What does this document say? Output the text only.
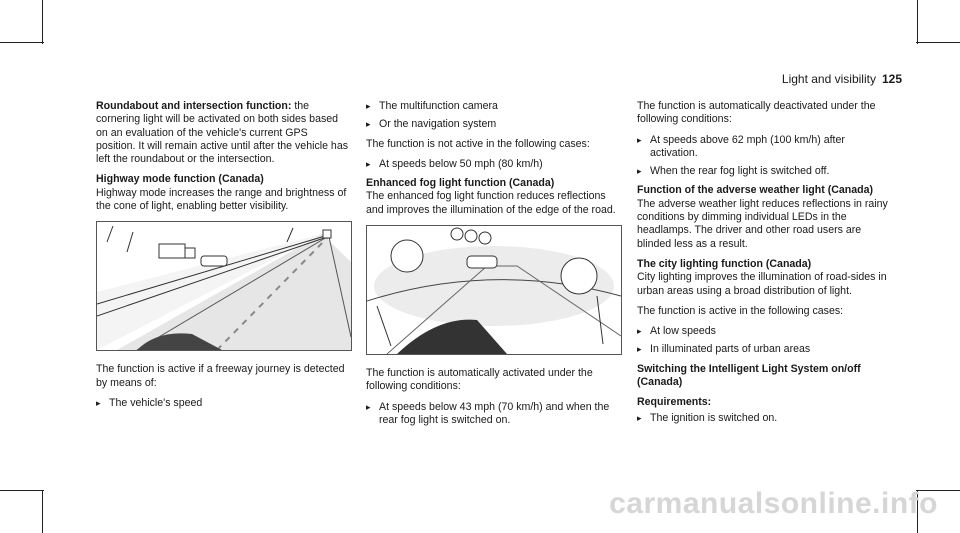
Light and visibility 125

Roundabout and intersection function: the cornering light will be activated on both sides based on an evaluation of the vehicle's current GPS position. It will remain active until after the vehicle has left the roundabout or the intersection.

Highway mode function (Canada)
Highway mode increases the range and brightness of the cone of light, enabling better visibility.

The function is active if a freeway journey is detected by means of:

▸ The vehicle's speed
▸ The multifunction camera
▸ Or the navigation system

The function is not active in the following cases:

▸ At speeds below 50 mph (80 km/h)

Enhanced fog light function (Canada)
The enhanced fog light function reduces reflections and improves the illumination of the edge of the road.

The function is automatically activated under the following conditions:

▸ At speeds below 43 mph (70 km/h) and when the rear fog light is switched on.

The function is automatically deactivated under the following conditions:

▸ At speeds above 62 mph (100 km/h) after activation.
▸ When the rear fog light is switched off.

Function of the adverse weather light (Canada)
The adverse weather light reduces reflections in rainy conditions by dimming individual LEDs in the headlamps. The driver and other road users are blinded less as a result.

The city lighting function (Canada)
City lighting improves the illumination of road-sides in urban areas using a broad distribution of light.

The function is active in the following cases:

▸ At low speeds
▸ In illuminated parts of urban areas

Switching the Intelligent Light System on/off (Canada)

Requirements:

▸ The ignition is switched on.
carmanualsonline.info
